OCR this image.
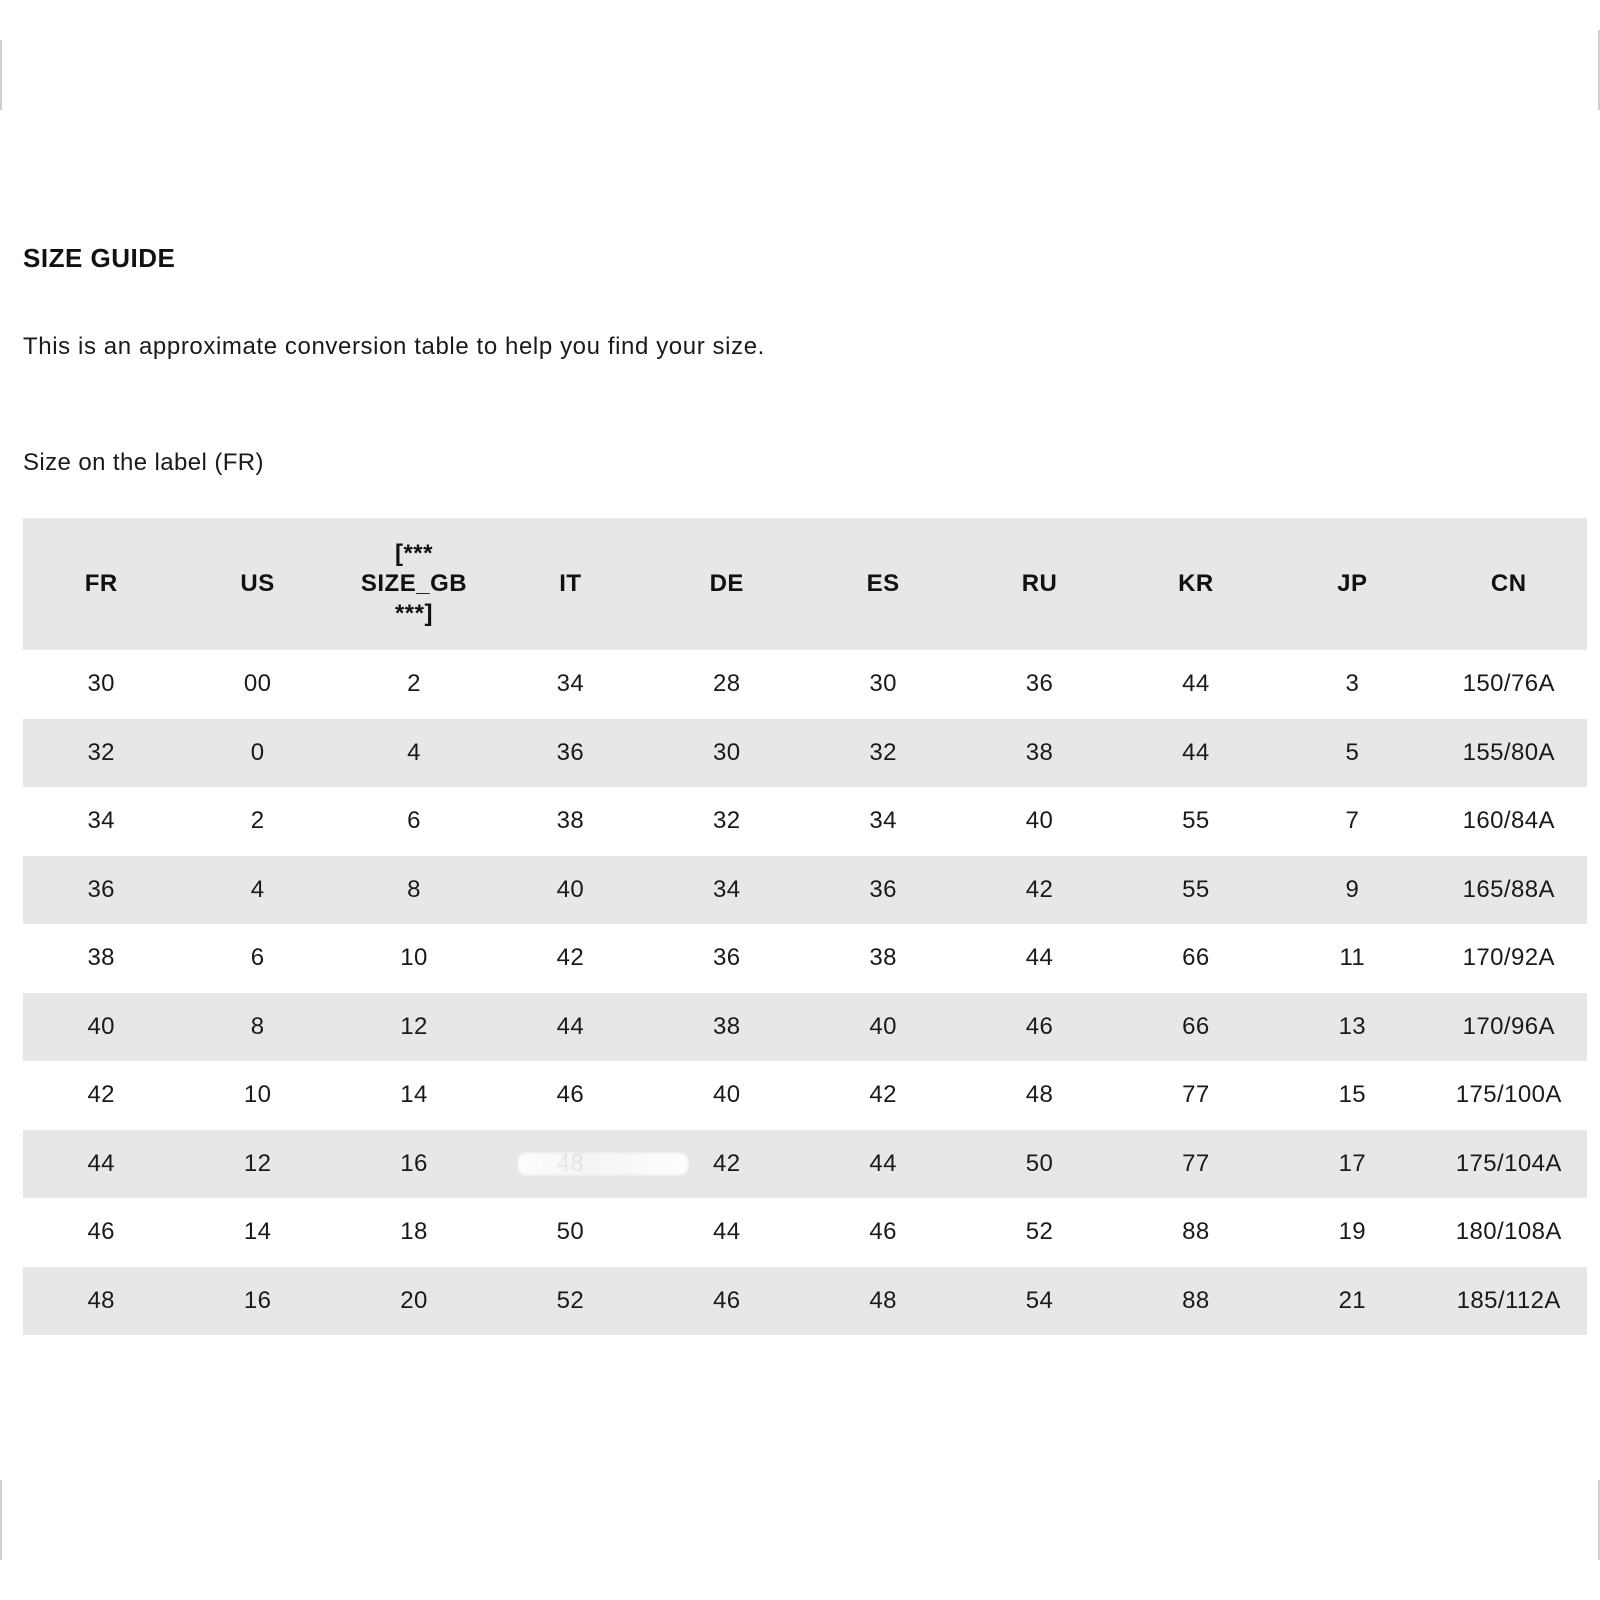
SIZE GUIDE
This is an approximate conversion table to help you find your size.
Size on the label (FR)
FR	US	[***
SIZE_GB
***]	IT	DE	ES	RU	KR	JP	CN
30	00	2	34	28	30	36	44	3	150/76A
32	0	4	36	30	32	38	44	5	155/80A
34	2	6	38	32	34	40	55	7	160/84A
36	4	8	40	34	36	42	55	9	165/88A
38	6	10	42	36	38	44	66	11	170/92A
40	8	12	44	38	40	46	66	13	170/96A
42	10	14	46	40	42	48	77	15	175/100A
44	12	16		42	44	50	77	17	175/104A
46	14	18	50	44	46	52	88	19	180/108A
48	16	20	52	46	48	54	88	21	185/112A
